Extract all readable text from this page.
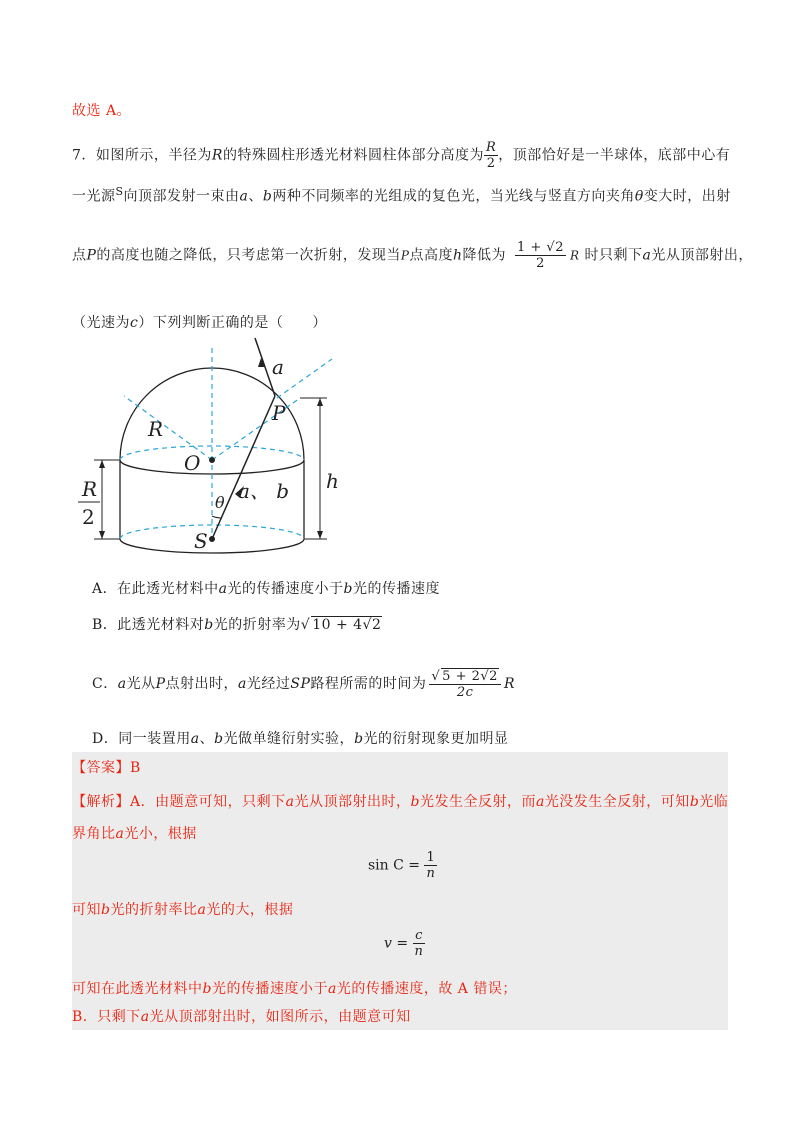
故选 A。
7．如图所示，半径为R的特殊圆柱形透光材料圆柱体部分高度为 $\frac{R}{2}$ ，顶部恰好是一半球体，底部中心有
一光源$^S$向顶部发射一束由a、b两种不同频率的光组成的复色光，当光线与竖直方向夹角θ变大时，出射
点P的高度也随之降低，只考虑第一次折射，发现当P点高度h降低为 $\frac{1 + √2}{2}$ R 时只剩下a光从顶部射出，
（光速为c）下列判断正确的是（　　）
a
P
R
O
h
θ a、 b
S
R
2
A．在此透光材料中a光的传播速度小于b光的传播速度
B．此透光材料对b光的折射率为√ 10 + 4√2
C．a光从P点射出时，a光经过SP路程所需的时间为 $\frac{√ 5 + 2√2}{2c}$ R
D．同一装置用a、b光做单缝衍射实验，b光的衍射现象更加明显
【答案】B
【解析】A．由题意可知，只剩下a光从顶部射出时，b光发生全反射，而a光没发生全反射，可知b光临
界角比a光小，根据
$\sin C = \frac{1}{n}$
可知b光的折射率比a光的大，根据
$v = \frac{c}{n}$
可知在此透光材料中b光的传播速度小于a光的传播速度，故 A 错误；
B．只剩下a光从顶部射出时，如图所示，由题意可知
